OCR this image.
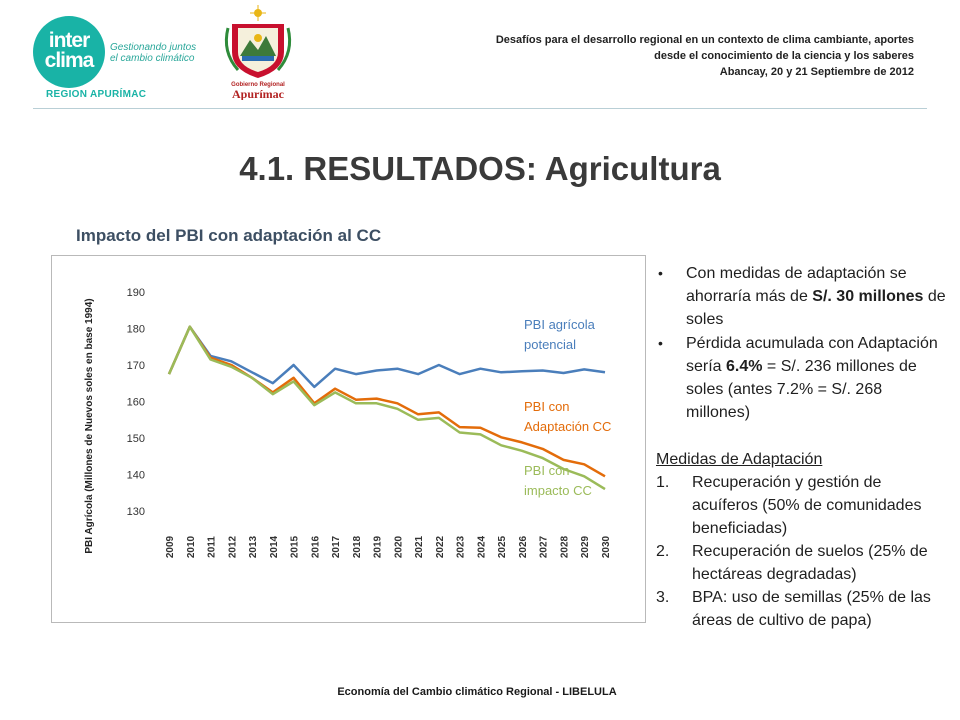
inter
clima
Gestionando juntos
el cambio climático
REGION APURÍMAC
Gobierno Regional
Apurímac
Desafíos para el desarrollo regional en un contexto de clima cambiante, aportes
desde el conocimiento de la ciencia y los saberes
Abancay, 20 y 21 Septiembre de 2012
4.1. RESULTADOS: Agricultura
Impacto del PBI con adaptación al CC
PBI Agrícola (Millones de Nuevos soles en base 1994)	130
140
150
160
170
180
190
2009 2010 2011 2012 2013 2014 2015 2016 2017 2018 2019 2020 2021 2022 2023 2024 2025 2026 2027 2028 2029 2030
PBI agrícola
potencial
PBI con
Adaptación CC
PBI con
impacto CC
• Con medidas de adaptación se ahorraría más de S/. 30 millones de soles
• Pérdida acumulada con Adaptación sería 6.4% = S/. 236 millones de soles (antes 7.2% = S/. 268 millones)
Medidas de Adaptación
1. Recuperación y gestión de acuíferos (50% de comunidades beneficiadas)
2. Recuperación de suelos (25% de hectáreas degradadas)
3. BPA: uso de semillas (25% de las áreas de cultivo de papa)
Economía del Cambio climático Regional - LIBELULA
